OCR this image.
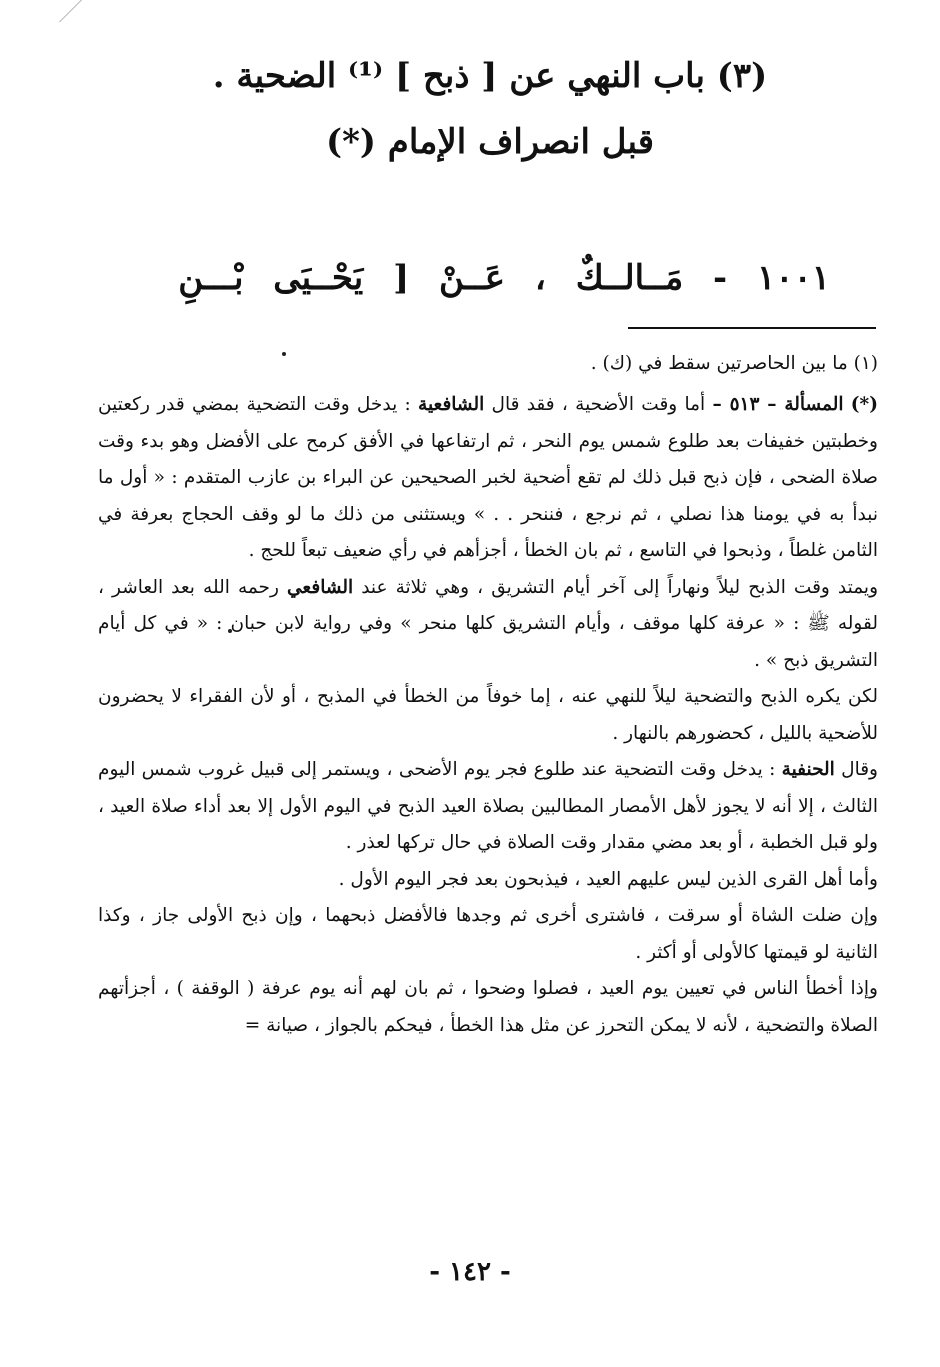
(٣) باب النهي عن [ ذبح ] ⁽¹⁾ الضحية .
قبل انصراف الإمام (*)
١٠٠١ - مَــالــكٌ ، عَــنْ [ يَحْــيَى بْـــنِ

(١) ما بين الحاصرتين سقط في (ك) .

(*) المسألة – ٥١٣ – أما وقت الأضحية ، فقد قال الشافعية : يدخل وقت التضحية بمضي قدر ركعتين وخطبتين خفيفات بعد طلوع شمس يوم النحر ، ثم ارتفاعها في الأفق كرمح على الأفضل وهو بدء وقت صلاة الضحى ، فإن ذبح قبل ذلك لم تقع أضحية لخبر الصحيحين عن البراء بن عازب المتقدم : « أول ما نبدأ به في يومنا هذا نصلي ، ثم نرجع ، فننحر . . » ويستثنى من ذلك ما لو وقف الحجاج بعرفة في الثامن غلطاً ، وذبحوا في التاسع ، ثم بان الخطأ ، أجزأهم في رأي ضعيف تبعاً للحج .

ويمتد وقت الذبح ليلاً ونهاراً إلى آخر أيام التشريق ، وهي ثلاثة عند الشافعي رحمه الله بعد العاشر ، لقوله ﷺ : « عرفة كلها موقف ، وأيام التشريق كلها منحر » وفي رواية لابن حبان : « في كل أيام التشريق ذبح » .

لكن يكره الذبح والتضحية ليلاً للنهي عنه ، إما خوفاً من الخطأ في المذبح ، أو لأن الفقراء لا يحضرون للأضحية بالليل ، كحضورهم بالنهار .

وقال الحنفية : يدخل وقت التضحية عند طلوع فجر يوم الأضحى ، ويستمر إلى قبيل غروب شمس اليوم الثالث ، إلا أنه لا يجوز لأهل الأمصار المطالبين بصلاة العيد الذبح في اليوم الأول إلا بعد أداء صلاة العيد ، ولو قبل الخطبة ، أو بعد مضي مقدار وقت الصلاة في حال تركها لعذر .

وأما أهل القرى الذين ليس عليهم العيد ، فيذبحون بعد فجر اليوم الأول .

وإن ضلت الشاة أو سرقت ، فاشترى أخرى ثم وجدها فالأفضل ذبحهما ، وإن ذبح الأولى جاز ، وكذا الثانية لو قيمتها كالأولى أو أكثر .

وإذا أخطأ الناس في تعيين يوم العيد ، فصلوا وضحوا ، ثم بان لهم أنه يوم عرفة ( الوقفة ) ، أجزأتهم الصلاة والتضحية ، لأنه لا يمكن التحرز عن مثل هذا الخطأ ، فيحكم بالجواز ، صيانة =

- ١٤٢ -
